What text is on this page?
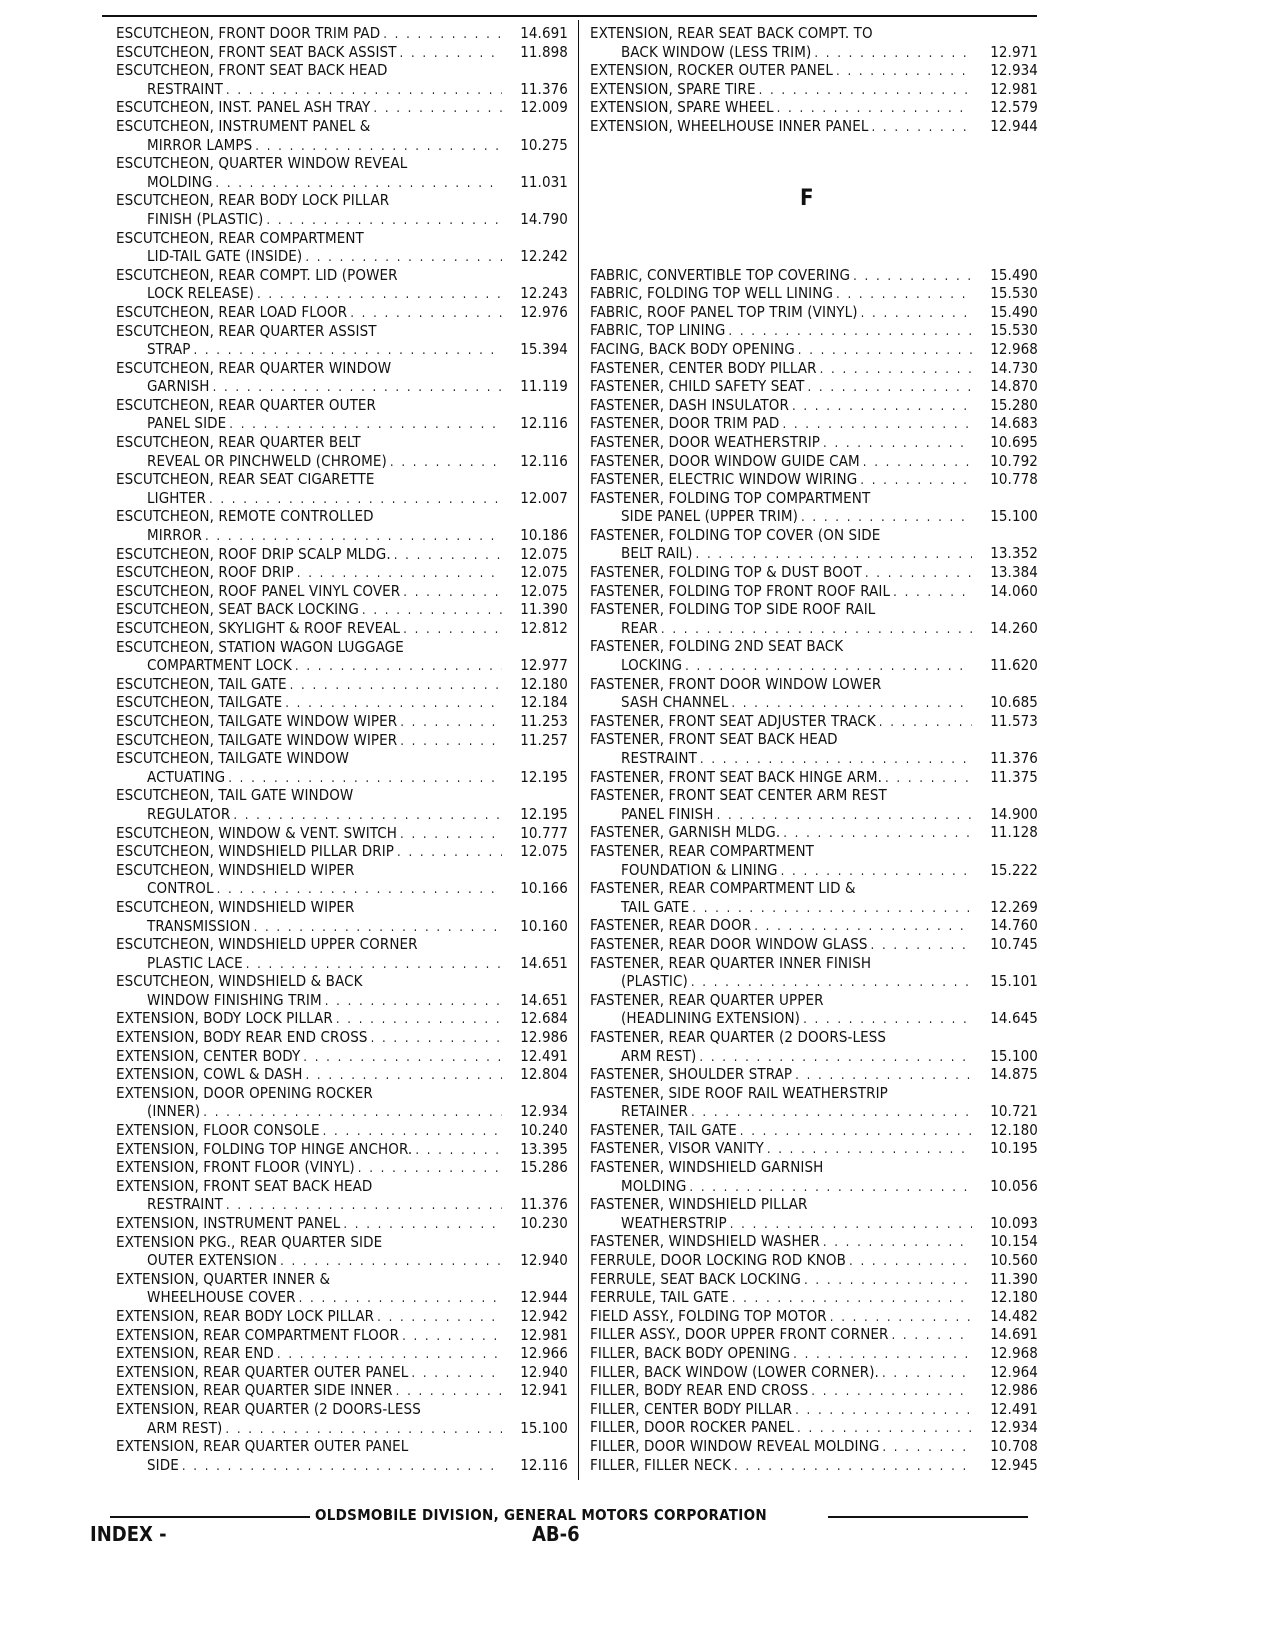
ESCUTCHEON, FRONT DOOR TRIM PAD . . .	14.691
ESCUTCHEON, FRONT SEAT BACK ASSIST . . .	11.898
ESCUTCHEON, FRONT SEAT BACK HEAD
RESTRAINT . . .	11.376
ESCUTCHEON, INST. PANEL ASH TRAY . . .	12.009
ESCUTCHEON, INSTRUMENT PANEL &
MIRROR LAMPS . . .	10.275
ESCUTCHEON, QUARTER WINDOW REVEAL
MOLDING . . .	11.031
ESCUTCHEON, REAR BODY LOCK PILLAR
FINISH (PLASTIC) . . .	14.790
ESCUTCHEON, REAR COMPARTMENT
LID-TAIL GATE (INSIDE) . . .	12.242
ESCUTCHEON, REAR COMPT. LID (POWER
LOCK RELEASE) . . .	12.243
ESCUTCHEON, REAR LOAD FLOOR . . .	12.976
ESCUTCHEON, REAR QUARTER ASSIST
STRAP . . .	15.394
ESCUTCHEON, REAR QUARTER WINDOW
GARNISH . . .	11.119
ESCUTCHEON, REAR QUARTER OUTER
PANEL SIDE . . .	12.116
ESCUTCHEON, REAR QUARTER BELT
REVEAL OR PINCHWELD (CHROME) . . .	12.116
ESCUTCHEON, REAR SEAT CIGARETTE
LIGHTER . . .	12.007
ESCUTCHEON, REMOTE CONTROLLED
MIRROR . . .	10.186
ESCUTCHEON, ROOF DRIP SCALP MLDG. . . .	12.075
ESCUTCHEON, ROOF DRIP . . .	12.075
ESCUTCHEON, ROOF PANEL VINYL COVER . . .	12.075
ESCUTCHEON, SEAT BACK LOCKING . . .	11.390
ESCUTCHEON, SKYLIGHT & ROOF REVEAL . . .	12.812
ESCUTCHEON, STATION WAGON LUGGAGE
COMPARTMENT LOCK . . .	12.977
ESCUTCHEON, TAIL GATE . . .	12.180
ESCUTCHEON, TAILGATE . . .	12.184
ESCUTCHEON, TAILGATE WINDOW WIPER . . .	11.253
ESCUTCHEON, TAILGATE WINDOW WIPER . . .	11.257
ESCUTCHEON, TAILGATE WINDOW
ACTUATING . . .	12.195
ESCUTCHEON, TAIL GATE WINDOW
REGULATOR . . .	12.195
ESCUTCHEON, WINDOW & VENT. SWITCH . . .	10.777
ESCUTCHEON, WINDSHIELD PILLAR DRIP . . .	12.075
ESCUTCHEON, WINDSHIELD WIPER
CONTROL . . .	10.166
ESCUTCHEON, WINDSHIELD WIPER
TRANSMISSION . . .	10.160
ESCUTCHEON, WINDSHIELD UPPER CORNER
PLASTIC LACE . . .	14.651
ESCUTCHEON, WINDSHIELD & BACK
WINDOW FINISHING TRIM . . .	14.651
EXTENSION, BODY LOCK PILLAR . . .	12.684
EXTENSION, BODY REAR END CROSS . . .	12.986
EXTENSION, CENTER BODY . . .	12.491
EXTENSION, COWL & DASH . . .	12.804
EXTENSION, DOOR OPENING ROCKER
(INNER) . . .	12.934
EXTENSION, FLOOR CONSOLE . . .	10.240
EXTENSION, FOLDING TOP HINGE ANCHOR. . . .	13.395
EXTENSION, FRONT FLOOR (VINYL) . . .	15.286
EXTENSION, FRONT SEAT BACK HEAD
RESTRAINT . . .	11.376
EXTENSION, INSTRUMENT PANEL . . .	10.230
EXTENSION PKG., REAR QUARTER SIDE
OUTER EXTENSION . . .	12.940
EXTENSION, QUARTER INNER &
WHEELHOUSE COVER . . .	12.944
EXTENSION, REAR BODY LOCK PILLAR . . .	12.942
EXTENSION, REAR COMPARTMENT FLOOR . . .	12.981
EXTENSION, REAR END . . .	12.966
EXTENSION, REAR QUARTER OUTER PANEL . . .	12.940
EXTENSION, REAR QUARTER SIDE INNER . . .	12.941
EXTENSION, REAR QUARTER (2 DOORS-LESS
ARM REST) . . .	15.100
EXTENSION, REAR QUARTER OUTER PANEL
SIDE . . .	12.116
EXTENSION, REAR SEAT BACK COMPT. TO
BACK WINDOW (LESS TRIM) . . .	12.971
EXTENSION, ROCKER OUTER PANEL . . .	12.934
EXTENSION, SPARE TIRE . . .	12.981
EXTENSION, SPARE WHEEL . . .	12.579
EXTENSION, WHEELHOUSE INNER PANEL . . .	12.944
FABRIC, CONVERTIBLE TOP COVERING . . .	15.490
FABRIC, FOLDING TOP WELL LINING . . .	15.530
FABRIC, ROOF PANEL TOP TRIM (VINYL) . . .	15.490
FABRIC, TOP LINING . . .	15.530
FACING, BACK BODY OPENING . . .	12.968
FASTENER, CENTER BODY PILLAR . . .	14.730
FASTENER, CHILD SAFETY SEAT . . .	14.870
FASTENER, DASH INSULATOR . . .	15.280
FASTENER, DOOR TRIM PAD . . .	14.683
FASTENER, DOOR WEATHERSTRIP . . .	10.695
FASTENER, DOOR WINDOW GUIDE CAM . . .	10.792
FASTENER, ELECTRIC WINDOW WIRING . . .	10.778
FASTENER, FOLDING TOP COMPARTMENT
SIDE PANEL (UPPER TRIM) . . .	15.100
FASTENER, FOLDING TOP COVER (ON SIDE
BELT RAIL) . . .	13.352
FASTENER, FOLDING TOP & DUST BOOT . . .	13.384
FASTENER, FOLDING TOP FRONT ROOF RAIL . . .	14.060
FASTENER, FOLDING TOP SIDE ROOF RAIL
REAR . . .	14.260
FASTENER, FOLDING 2ND SEAT BACK
LOCKING . . .	11.620
FASTENER, FRONT DOOR WINDOW LOWER
SASH CHANNEL . . .	10.685
FASTENER, FRONT SEAT ADJUSTER TRACK . . .	11.573
FASTENER, FRONT SEAT BACK HEAD
RESTRAINT . . .	11.376
FASTENER, FRONT SEAT BACK HINGE ARM. . . .	11.375
FASTENER, FRONT SEAT CENTER ARM REST
PANEL FINISH . . .	14.900
FASTENER, GARNISH MLDG. . . .	11.128
FASTENER, REAR COMPARTMENT
FOUNDATION & LINING . . .	15.222
FASTENER, REAR COMPARTMENT LID &
TAIL GATE . . .	12.269
FASTENER, REAR DOOR . . .	14.760
FASTENER, REAR DOOR WINDOW GLASS . . .	10.745
FASTENER, REAR QUARTER INNER FINISH
(PLASTIC) . . .	15.101
FASTENER, REAR QUARTER UPPER
(HEADLINING EXTENSION) . . .	14.645
FASTENER, REAR QUARTER (2 DOORS-LESS
ARM REST) . . .	15.100
FASTENER, SHOULDER STRAP . . .	14.875
FASTENER, SIDE ROOF RAIL WEATHERSTRIP
RETAINER . . .	10.721
FASTENER, TAIL GATE . . .	12.180
FASTENER, VISOR VANITY . . .	10.195
FASTENER, WINDSHIELD GARNISH
MOLDING . . .	10.056
FASTENER, WINDSHIELD PILLAR
WEATHERSTRIP . . .	10.093
FASTENER, WINDSHIELD WASHER . . .	10.154
FERRULE, DOOR LOCKING ROD KNOB . . .	10.560
FERRULE, SEAT BACK LOCKING . . .	11.390
FERRULE, TAIL GATE . . .	12.180
FIELD ASSY., FOLDING TOP MOTOR . . .	14.482
FILLER ASSY., DOOR UPPER FRONT CORNER . . .	14.691
FILLER, BACK BODY OPENING . . .	12.968
FILLER, BACK WINDOW (LOWER CORNER). . . .	12.964
FILLER, BODY REAR END CROSS . . .	12.986
FILLER, CENTER BODY PILLAR . . .	12.491
FILLER, DOOR ROCKER PANEL . . .	12.934
FILLER, DOOR WINDOW REVEAL MOLDING . . .	10.708
FILLER, FILLER NECK . . .	12.945
F
OLDSMOBILE DIVISION, GENERAL MOTORS CORPORATION
INDEX -	AB-6
